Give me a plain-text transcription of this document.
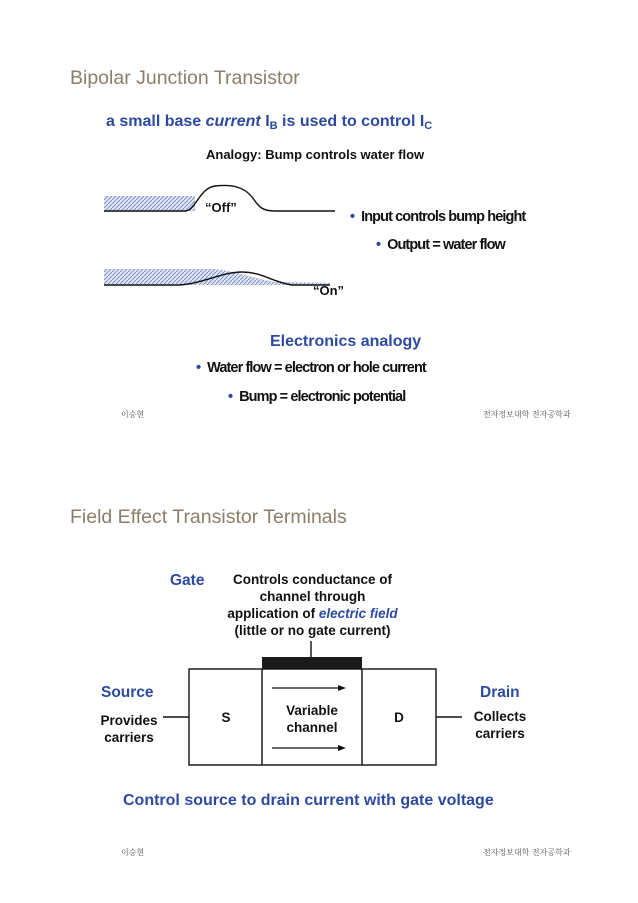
Bipolar Junction Transistor
a small base current $I_B$ is used to control $I_C$
Analogy: Bump controls water flow
“Off”
“On”
• Input controls bump height
• Output = water flow
Electronics analogy
• Water flow = electron or hole current
• Bump = electronic potential
이승현	전자정보대학 전자공학과
Field Effect Transistor Terminals
Gate	Controls conductance of
channel through
application of electric field
(little or no gate current)
Source
Provides
carriers
Drain
Collects
carriers
S	D
Variable
channel
Control source to drain current with gate voltage
이승현	전자정보대학 전자공학과
